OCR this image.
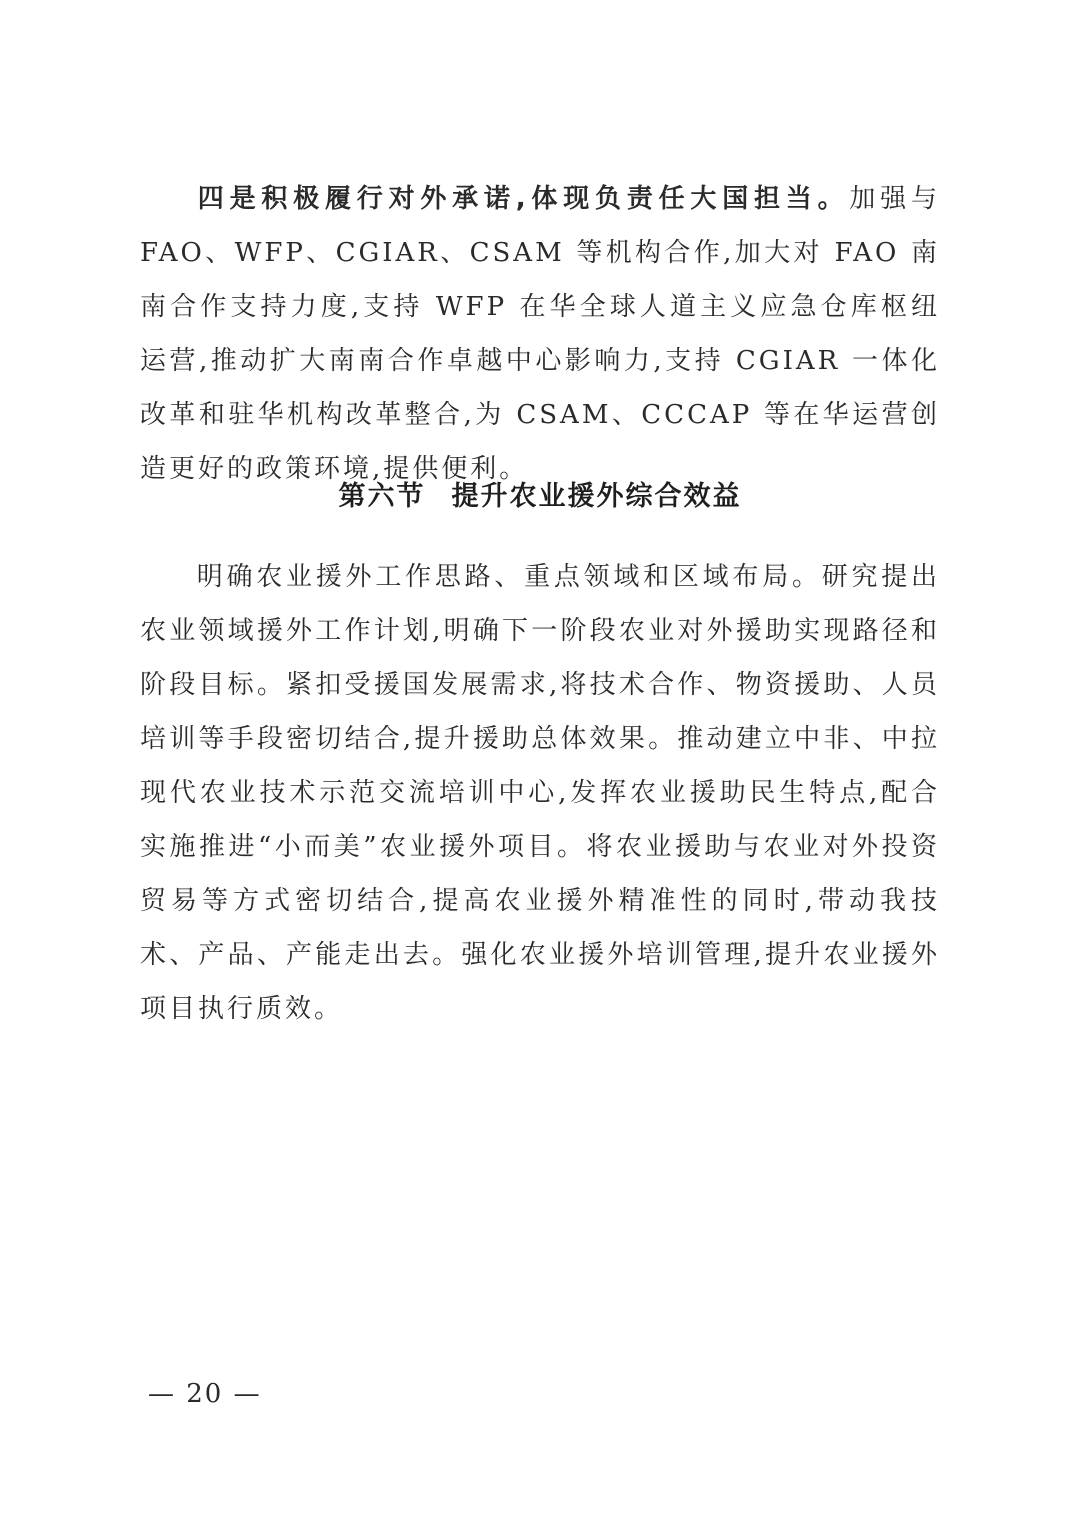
四是积极履行对外承诺,体现负责任大国担当。加强与 FAO、WFP、CGIAR、CSAM 等机构合作,加大对 FAO 南南合作支持力度,支持 WFP 在华全球人道主义应急仓库枢纽运营,推动扩大南南合作卓越中心影响力,支持 CGIAR 一体化改革和驻华机构改革整合,为 CSAM、CCCAP 等在华运营创造更好的政策环境,提供便利。

第六节 提升农业援外综合效益

明确农业援外工作思路、重点领域和区域布局。研究提出农业领域援外工作计划,明确下一阶段农业对外援助实现路径和阶段目标。紧扣受援国发展需求,将技术合作、物资援助、人员培训等手段密切结合,提升援助总体效果。推动建立中非、中拉现代农业技术示范交流培训中心,发挥农业援助民生特点,配合实施推进“小而美”农业援外项目。将农业援助与农业对外投资贸易等方式密切结合,提高农业援外精准性的同时,带动我技术、产品、产能走出去。强化农业援外培训管理,提升农业援外项目执行质效。

— 20 —
